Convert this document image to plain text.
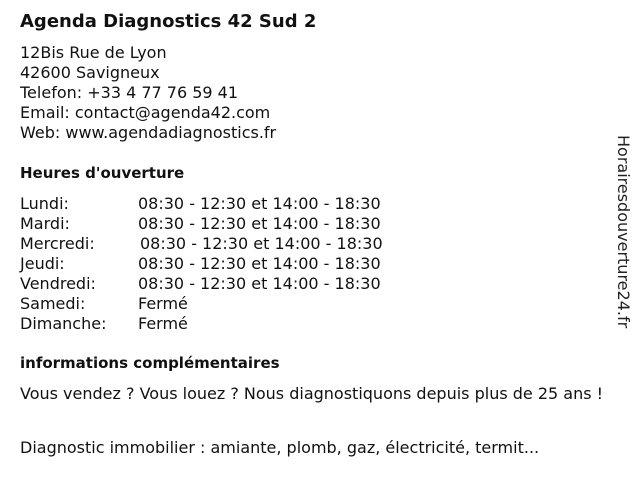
Agenda Diagnostics 42 Sud 2
12Bis Rue de Lyon
42600 Savigneux
Telefon: +33 4 77 76 59 41
Email: contact@agenda42.com
Web: www.agendadiagnostics.fr
Heures d'ouverture
Lundi:	08:30 - 12:30 et 14:00 - 18:30
Mardi:	08:30 - 12:30 et 14:00 - 18:30
Mercredi:	08:30 - 12:30 et 14:00 - 18:30
Jeudi:	08:30 - 12:30 et 14:00 - 18:30
Vendredi:	08:30 - 12:30 et 14:00 - 18:30
Samedi:	Fermé
Dimanche: Fermé
informations complémentaires
Vous vendez ? Vous louez ? Nous diagnostiquons depuis plus de 25 ans !
Diagnostic immobilier : amiante, plomb, gaz, électricité, termit...
Horairesdouverture24.fr
